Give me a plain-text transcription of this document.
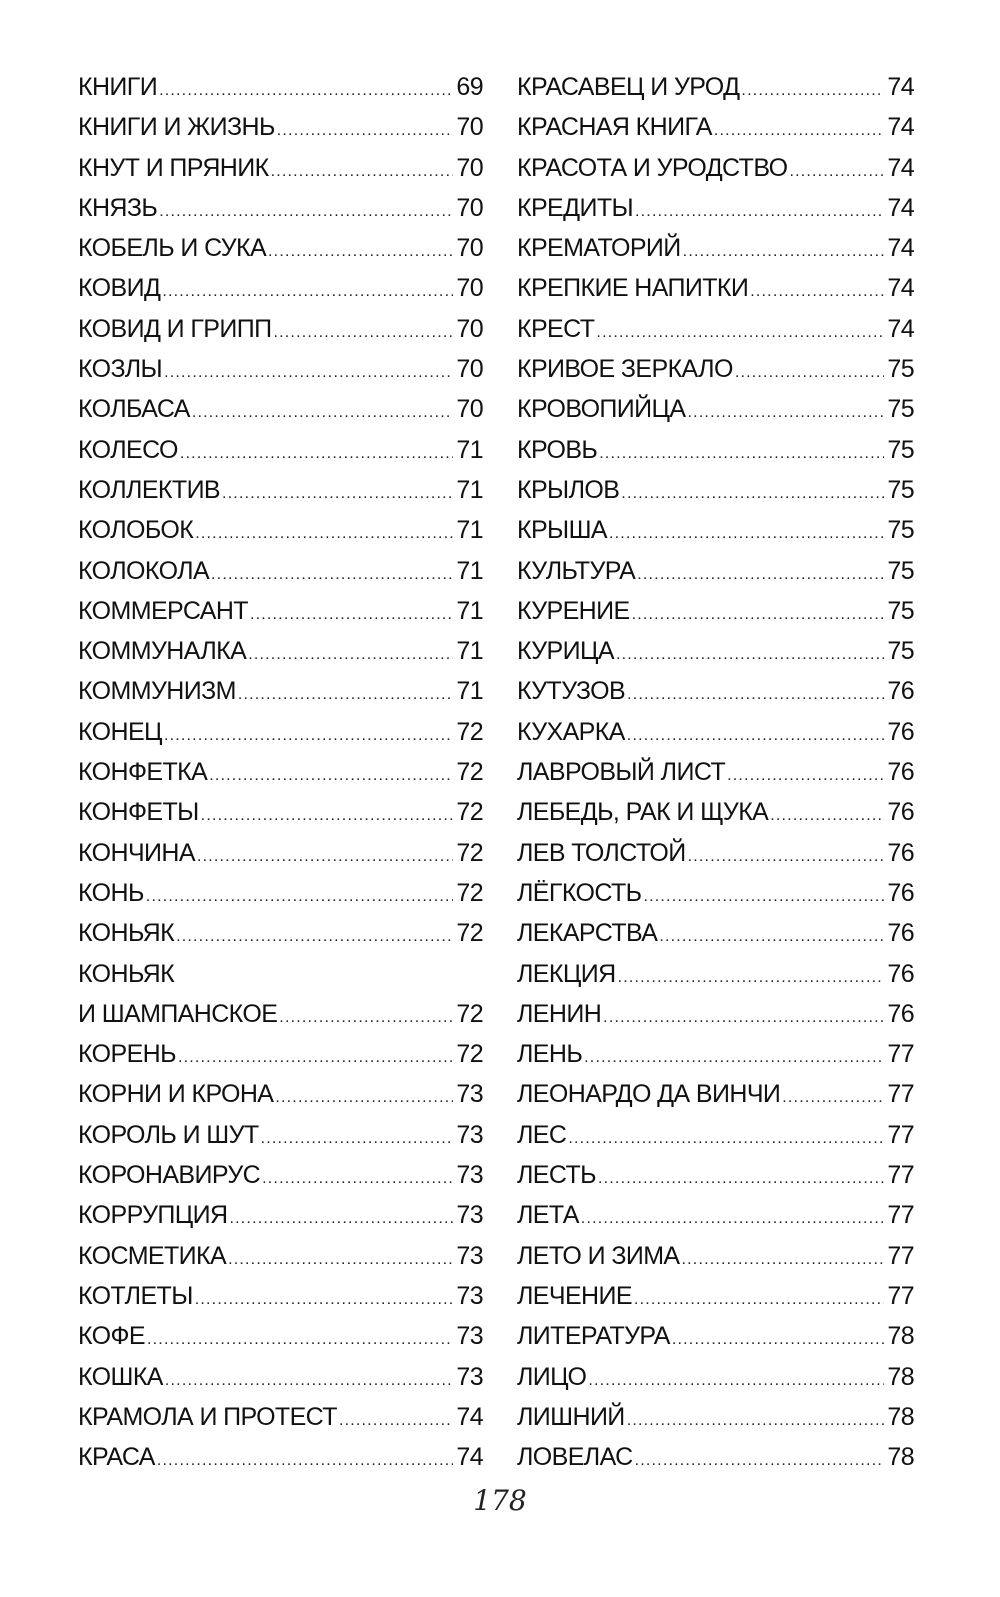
КНИГИ .....	69
КНИГИ И ЖИЗНЬ .....	70
КНУТ И ПРЯНИК .....	70
КНЯЗЬ .....	70
КОБЕЛЬ И СУКА .....	70
КОВИД .....	70
КОВИД И ГРИПП .....	70
КОЗЛЫ .....	70
КОЛБАСА .....	70
КОЛЕСО .....	71
КОЛЛЕКТИВ .....	71
КОЛОБОК .....	71
КОЛОКОЛА .....	71
КОММЕРСАНТ .....	71
КОММУНАЛКА .....	71
КОММУНИЗМ .....	71
КОНЕЦ .....	72
КОНФЕТКА .....	72
КОНФЕТЫ .....	72
КОНЧИНА .....	72
КОНЬ .....	72
КОНЬЯК .....	72
КОНЬЯК
И ШАМПАНСКОЕ .....	72
КОРЕНЬ .....	72
КОРНИ И КРОНА .....	73
КОРОЛЬ И ШУТ .....	73
КОРОНАВИРУС .....	73
КОРРУПЦИЯ .....	73
КОСМЕТИКА .....	73
КОТЛЕТЫ .....	73
КОФЕ .....	73
КОШКА .....	73
КРАМОЛА И ПРОТЕСТ .....	74
КРАСА .....	74
КРАСАВЕЦ И УРОД .....	74
КРАСНАЯ КНИГА .....	74
КРАСОТА И УРОДСТВО .....	74
КРЕДИТЫ .....	74
КРЕМАТОРИЙ .....	74
КРЕПКИЕ НАПИТКИ .....	74
КРЕСТ .....	74
КРИВОЕ ЗЕРКАЛО .....	75
КРОВОПИЙЦА .....	75
КРОВЬ .....	75
КРЫЛОВ .....	75
КРЫША .....	75
КУЛЬТУРА .....	75
КУРЕНИЕ .....	75
КУРИЦА .....	75
КУТУЗОВ .....	76
КУХАРКА .....	76
ЛАВРОВЫЙ ЛИСТ .....	76
ЛЕБЕДЬ, РАК И ЩУКА .....	76
ЛЕВ ТОЛСТОЙ .....	76
ЛЁГКОСТЬ .....	76
ЛЕКАРСТВА .....	76
ЛЕКЦИЯ .....	76
ЛЕНИН .....	76
ЛЕНЬ .....	77
ЛЕОНАРДО ДА ВИНЧИ .....	77
ЛЕС .....	77
ЛЕСТЬ .....	77
ЛЕТА .....	77
ЛЕТО И ЗИМА .....	77
ЛЕЧЕНИЕ .....	77
ЛИТЕРАТУРА .....	78
ЛИЦО .....	78
ЛИШНИЙ .....	78
ЛОВЕЛАС .....	78
178
